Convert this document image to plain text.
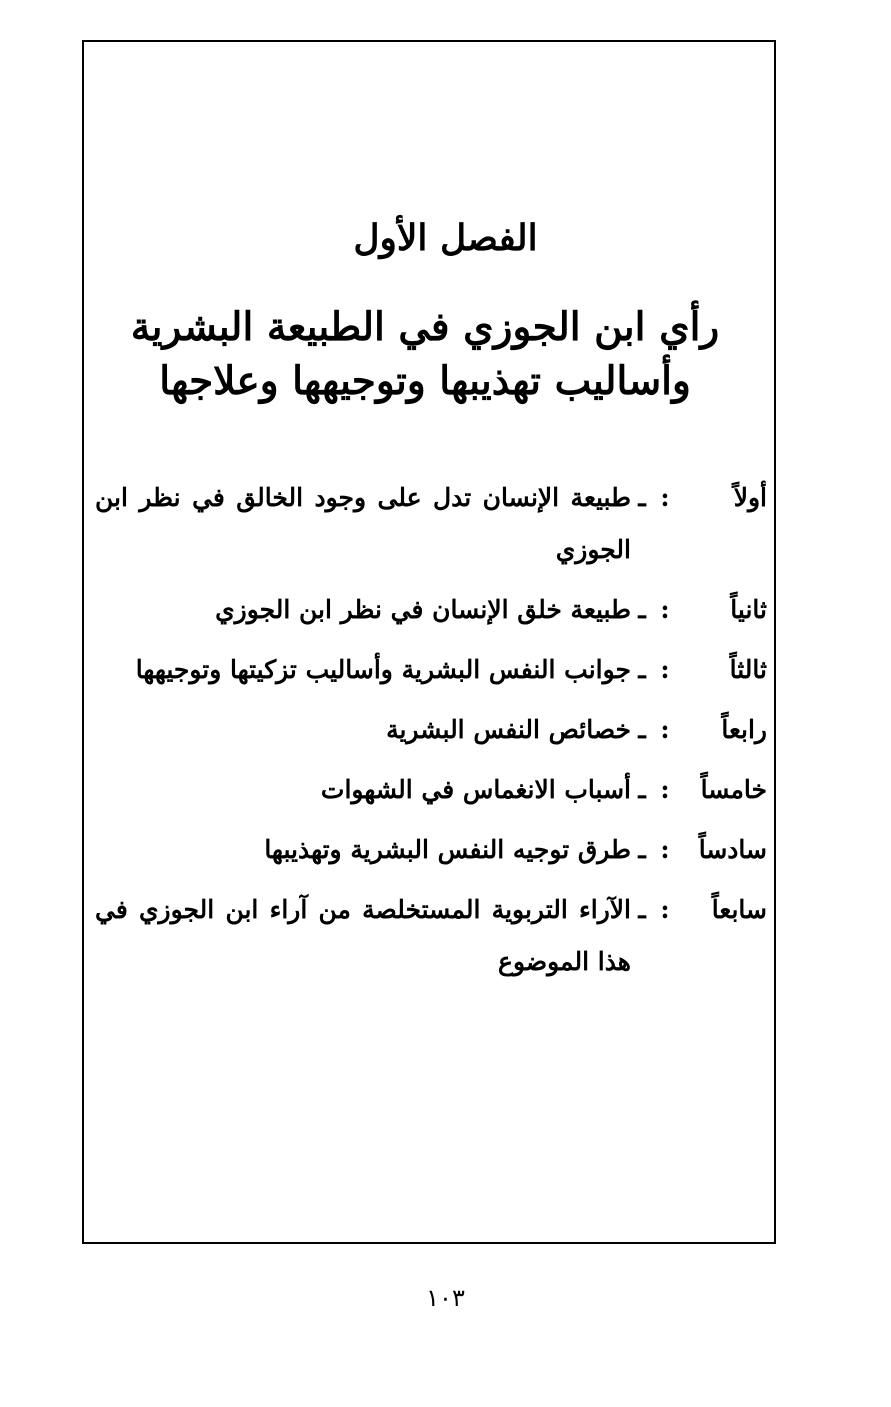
الفصل الأول
رأي ابن الجوزي في الطبيعة البشرية
وأساليب تهذيبها وتوجيهها وعلاجها
أولاً
:
ـ
طبيعة الإنسان تدل على وجود الخالق في نظر ابن الجوزي
ثانياً
:
ـ
طبيعة خلق الإنسان في نظر ابن الجوزي
ثالثاً
:
ـ
جوانب النفس البشرية وأساليب تزكيتها وتوجيهها
رابعاً
:
ـ
خصائص النفس البشرية
خامساً
:
ـ
أسباب الانغماس في الشهوات
سادساً
:
ـ
طرق توجيه النفس البشرية وتهذيبها
سابعاً
:
ـ
الآراء التربوية المستخلصة من آراء ابن الجوزي في هذا الموضوع
١٠٣
